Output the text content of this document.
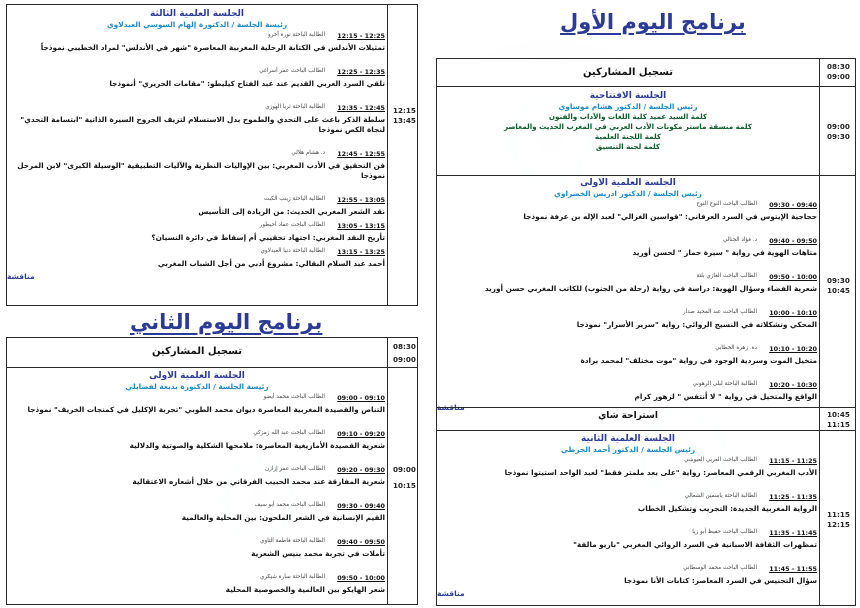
برنامج اليوم الأول
08:30
09:00
تسجيل المشاركين
09:00
09:30
الجلسة الافتتاحية
رئيس الجلسة / الدكتور هشام موساوي
كلمة السيد عميد كلية اللغات والآداب والفنون
كلمة منسقة ماستر مكونات الأدب العربي في المغرب الحديث والمعاصر
كلمة اللجنة العلمية
كلمة لجنة التنسيق
09:30
10:45
الجلسة العلمية الأولى
رئيس الجلسة / الدكتور ادريس الخضراوي
09:30 - 09:40
الطالب الباحث النوح النوح
حجاجية الإيتوس في السرد العرفاني: "قواسين الغزالي" لعبد الإله بن عرفة نموذجا
09:40 - 09:50
د. فؤاد الجنالي
متاهات الهوية في رواية " سيرة حمار " لحسن أوريد
09:50 - 10:00
الطالب الباحث الغازي بلتة
شعرية الفضاء وسؤال الهوية: دراسة في رواية (رحلة من الجنوب) للكاتب المغربي حسن أوريد
10:00 - 10:10
الطالب الباحث عبد المجيد صدار
المحكي وتشكلاته في النسيج الروائي: رواية "سرير الأسرار" نموذجا
10:10 - 10:20
دة. زهرة الخطابي
متخيل الموت وسردية الوجود في رواية "موت مختلف" لمحمد برادة
10:20 - 10:30
الطالبة الباحثة ليلى الرهوني
الواقع والمتخيل في رواية " لا أنتفس " لزهور كرام
مناقشة
10:45
11:15
استراحة شاي
11:15
12:15
الجلسة العلمية الثانية
رئيس الجلسة / الدكتور أحمد الجرطي
11:15 - 11:25
الطالب الباحث العربي العيوشي
الأدب المغربي الرقمي المعاصر: رواية "على بعد ملمتر فقط" لعبد الواحد استيتوا نموذجا
11:25 - 11:35
الطالبة الباحثة ياسمين الشعالي
الرواية المغربية الجديدة: التجريب وتشكيل الخطاب
11:35 - 11:45
الطالب الباحث حفيظ أبو زيا
تمظهرات الثقافة الاسبانية في السرد الروائي المغربي "باريو مالقة"
11:45 - 11:55
الطالب الباحث محمد الوسطاني
سؤال التجنيس في السرد المعاصر: كتابات الأنا نموذجا
مناقشة
12:15
13:45
الجلسة العلمية الثالثة
رئيسة الجلسة / الدكتورة إلهام السوسي العبدلاوي
12:15 - 12:25
الطالبة الباحثة نورة آخرو
تمثيلات الأندلس في الكتابة الرحلية المغربية المعاصرة "شهر في الأندلس" لمراد الخطيبي نموذجاً
12:25 - 12:35
الطالب الباحث عمر أسراغي
تلقي السرد العربي القديم عند عبد الفتاح كيليطو: "مقامات الحريري" أنموذجا
12:35 - 12:45
الطالبة الباحثة ثريا الهوزي
سلطة الذكر باعث على التحدي والطموح بدل الاستسلام لتزيف الجروح السيرة الذاتية "ابتسامة التحدي" لنجاة الكص نموذجا
12:45 - 12:55
د. هشام هلالي
فن التحقيق في الأدب المغربي: بين الإواليات النظرية والآليات التطبيقية "الوسيلة الكبرى" لابن المرحل نموذجا
12:55 - 13:05
الطالبة الباحثة زينب الكبت
نقد الشعر المغربي الحديث: من الريادة إلى التأسيس
13:05 - 13:15
الطالب الباحث عماد أحيطور
تأريخ النقد المغربي: اجتهاد تحقيبي أم إسقاط في دائرة النسيان؟
13:15 - 13:25
الطالبة الباحثة دنيا العبدلاوي
أحمد عبد السلام البقالي: مشروع أدبي من أجل الشباب المغربي
مناقشة
برنامج اليوم الثاني
08:30
09:00
تسجيل المشاركين
09:00
10:15
الجلسة العلمية الأولى
رئيسة الجلسة / الدكتورة بديعة لفضايلي
09:00 - 09:10
الطالب الباحث محمد أيضو
التناص والقصيدة المغربية المعاصرة ديوان محمد الطوبي "تجربة الإكليل في كمنجات الخريف" نموذجا
09:10 - 09:20
الطالب الباحث عبد الله زمزكي
شعرية القصيدة الأمازيغية المعاصرة: ملامحها الشكلية والصوتية والدلالية
09:20 - 09:30
الطالب الباحث عمر إزازن
شعرية المفارقة عند محمد الحبيب الفرقاني من خلال أشعاره الاعتقالية
09:30 - 09:40
الطالب الباحث محمد أبو سيف
القيم الإنسانية في الشعر الملحون: بين المحلية والعالمية
09:40 - 09:50
الطالبة الباحثة فاطمة التاوي
تأملات في تجربة محمد بنيس الشعرية
09:50 - 10:00
الطالبة الباحثة سارة شيكري
شعر الهايكو بين العالمية والخصوصية المحلية
